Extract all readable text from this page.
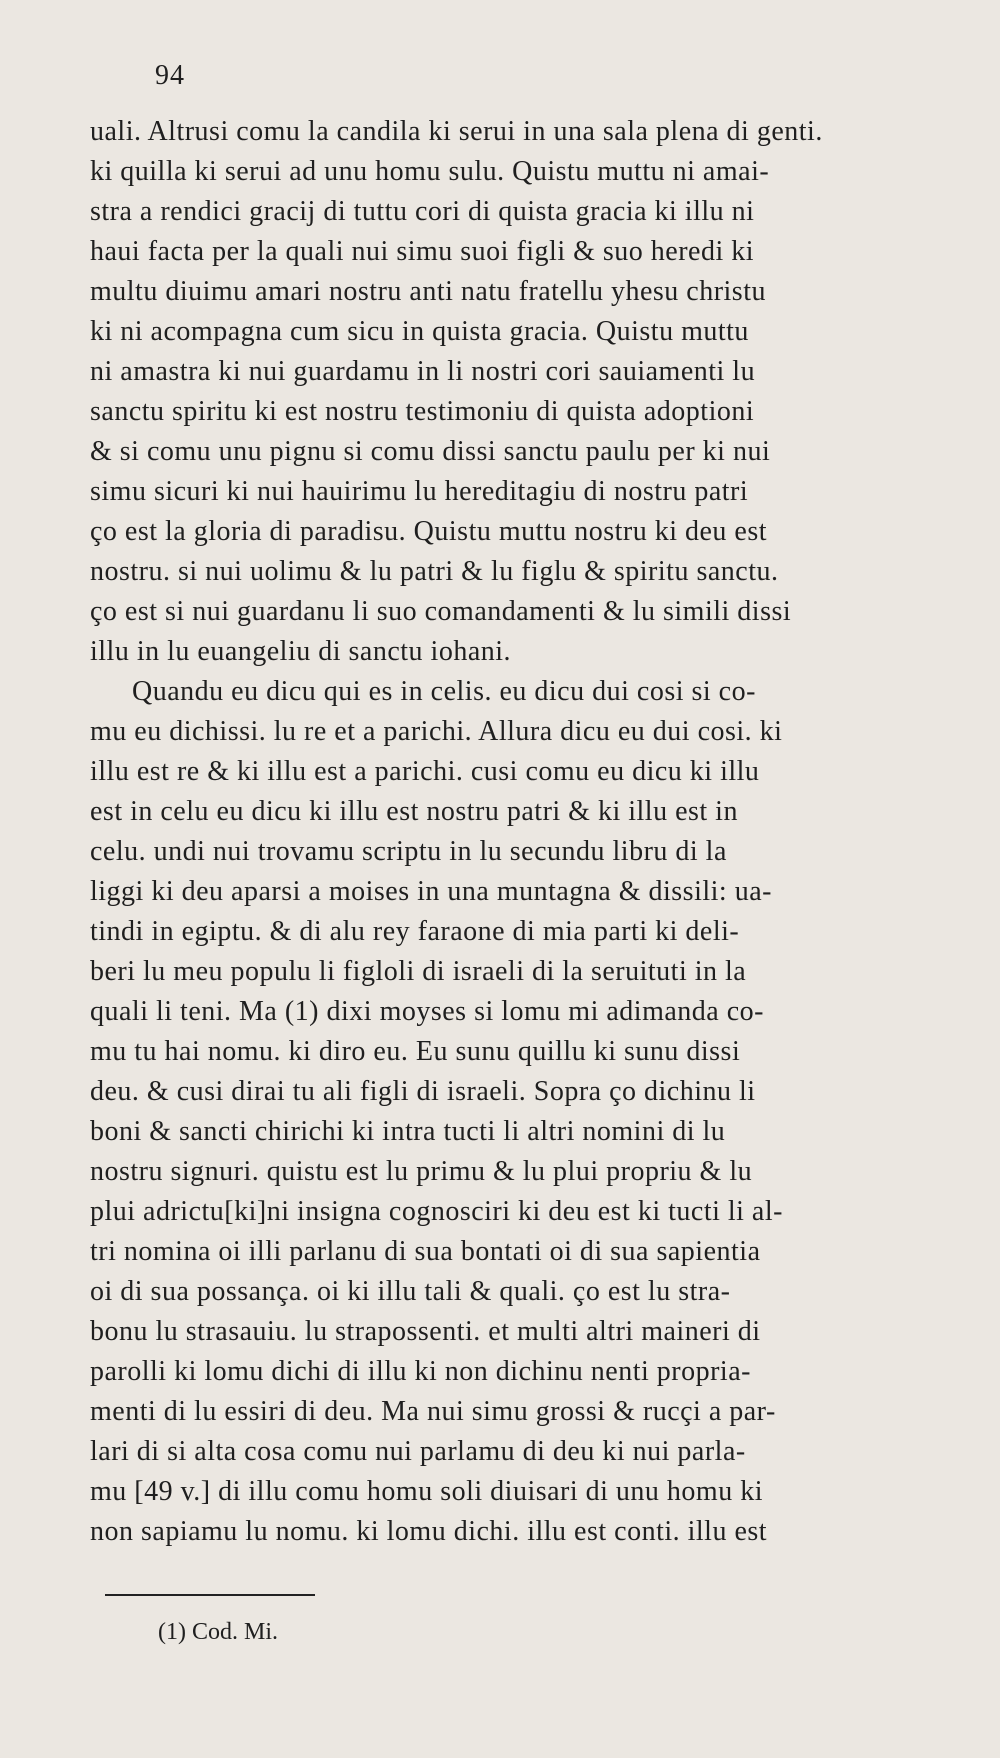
94
uali. Altrusi comu la candila ki serui in una sala plena di genti.
ki quilla ki serui ad unu homu sulu. Quistu muttu ni amai-
stra a rendici gracij di tuttu cori di quista gracia ki illu ni
haui facta per la quali nui simu suoi figli & suo heredi ki
multu diuimu amari nostru anti natu fratellu yhesu christu
ki ni acompagna cum sicu in quista gracia. Quistu muttu
ni amastra ki nui guardamu in li nostri cori sauiamenti lu
sanctu spiritu ki est nostru testimoniu di quista adoptioni
& si comu unu pignu si comu dissi sanctu paulu per ki nui
simu sicuri ki nui hauirimu lu hereditagiu di nostru patri
ço est la gloria di paradisu. Quistu muttu nostru ki deu est
nostru. si nui uolimu & lu patri & lu figlu & spiritu sanctu.
ço est si nui guardanu li suo comandamenti & lu simili dissi
illu in lu euangeliu di sanctu iohani.
Quandu eu dicu qui es in celis. eu dicu dui cosi si co-
mu eu dichissi. lu re et a parichi. Allura dicu eu dui cosi. ki
illu est re & ki illu est a parichi. cusi comu eu dicu ki illu
est in celu eu dicu ki illu est nostru patri & ki illu est in
celu. undi nui trovamu scriptu in lu secundu libru di la
liggi ki deu aparsi a moises in una muntagna & dissili: ua-
tindi in egiptu. & di alu rey faraone di mia parti ki deli-
beri lu meu populu li figloli di israeli di la seruituti in la
quali li teni. Ma (1) dixi moyses si lomu mi adimanda co-
mu tu hai nomu. ki diro eu. Eu sunu quillu ki sunu dissi
deu. & cusi dirai tu ali figli di israeli. Sopra ço dichinu li
boni & sancti chirichi ki intra tucti li altri nomini di lu
nostru signuri. quistu est lu primu & lu plui propriu & lu
plui adrictu[ki]ni insigna cognosciri ki deu est ki tucti li al-
tri nomina oi illi parlanu di sua bontati oi di sua sapientia
oi di sua possança. oi ki illu tali & quali. ço est lu stra-
bonu lu strasauiu. lu strapossenti. et multi altri maineri di
parolli ki lomu dichi di illu ki non dichinu nenti propria-
menti di lu essiri di deu. Ma nui simu grossi & rucçi a par-
lari di si alta cosa comu nui parlamu di deu ki nui parla-
mu [49 v.] di illu comu homu soli diuisari di unu homu ki
non sapiamu lu nomu. ki lomu dichi. illu est conti. illu est
(1) Cod. Mi.
